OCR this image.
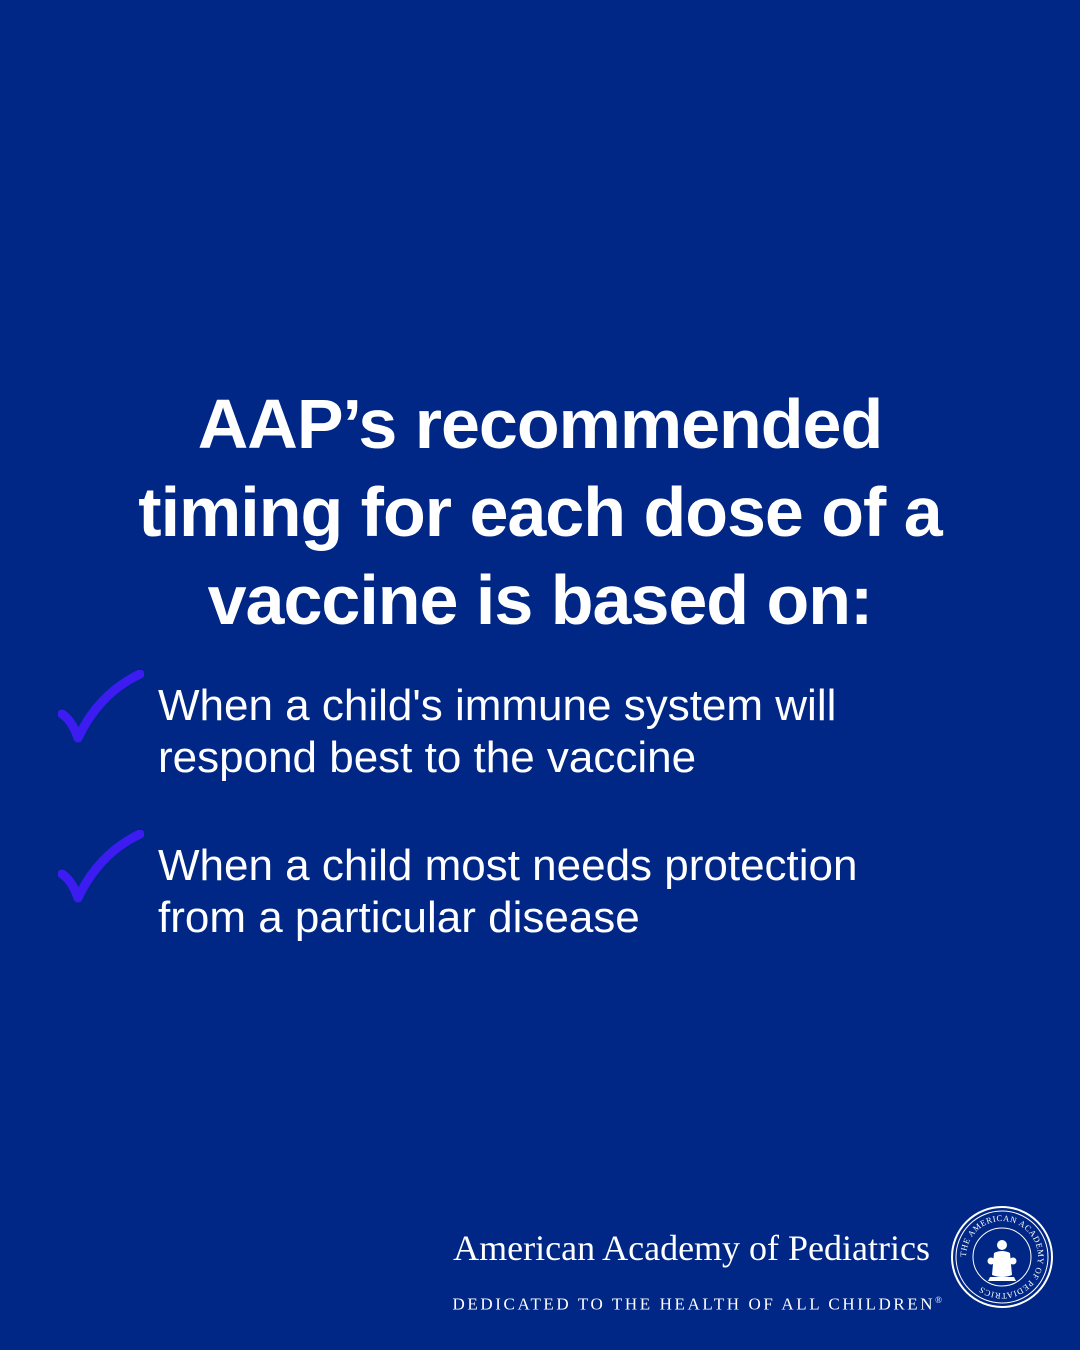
AAP’s recommended
timing for each dose of a
vaccine is based on:
When a child's immune system will
respond best to the vaccine
When a child most needs protection
from a particular disease
American Academy of Pediatrics
DEDICATED TO THE HEALTH OF ALL CHILDREN®
THE AMERICAN ACADEMY OF PEDIATRICS
